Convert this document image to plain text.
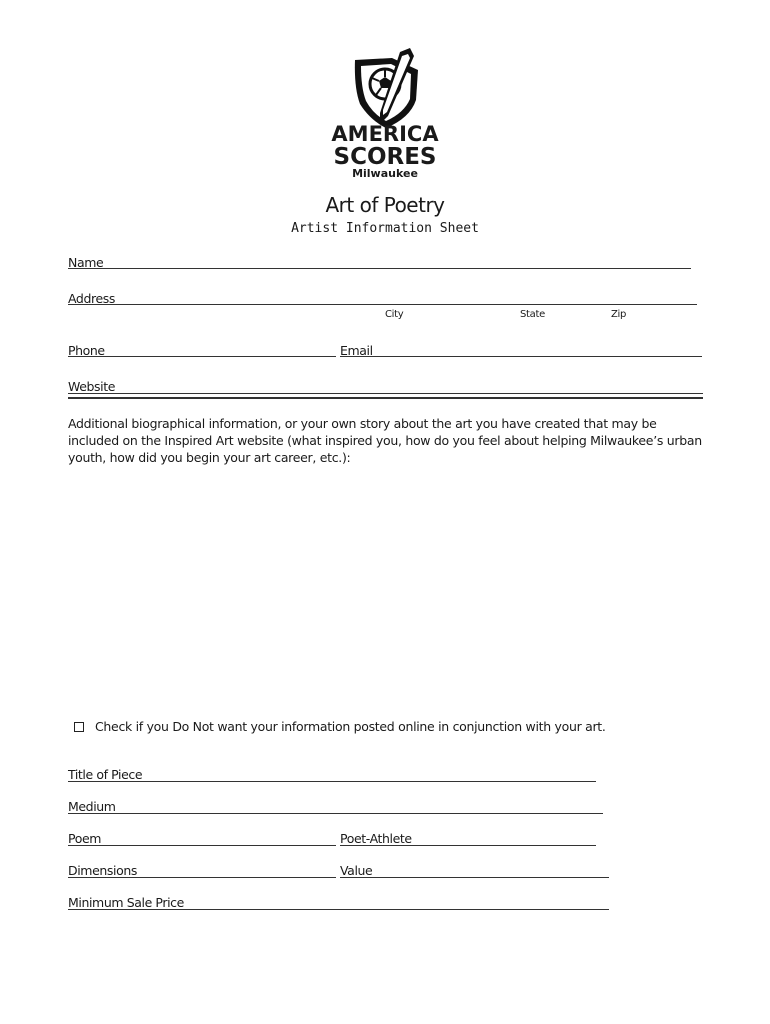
AMERICA
SCORES
Milwaukee
Art of Poetry
Artist Information Sheet
Name
Address
City	State	Zip
Phone	Email
Website
Additional biographical information, or your own story about the art you have created that may be included on the Inspired Art website (what inspired you, how do you feel about helping Milwaukee’s urban youth, how did you begin your art career, etc.):
Check if you Do Not want your information posted online in conjunction with your art.
Title of Piece
Medium
Poem	Poet-Athlete
Dimensions	Value
Minimum Sale Price
